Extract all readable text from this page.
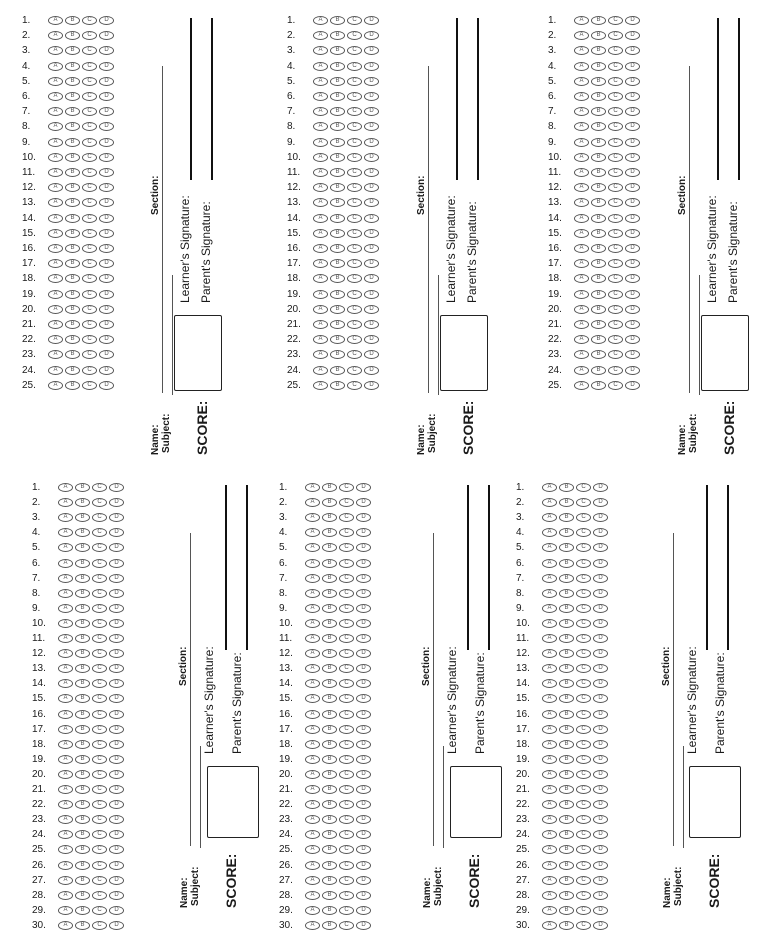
1.	A	B	C	D
2.	A	B	C	D
3.	A	B	C	D
4.	A	B	C	D
5.	A	B	C	D
6.	A	B	C	D
7.	A	B	C	D
8.	A	B	C	D
9.	A	B	C	D
10.	A	B	C	D
11.	A	B	C	D
12.	A	B	C	D
13.	A	B	C	D
14.	A	B	C	D
15.	A	B	C	D
16.	A	B	C	D
17.	A	B	C	D
18.	A	B	C	D
19.	A	B	C	D
20.	A	B	C	D
21.	A	B	C	D
22.	A	B	C	D
23.	A	B	C	D
24.	A	B	C	D
25.	A	B	C	D
Section:
Name: Subject:
Learner's Signature: Parent's Signature:
SCORE:
1.	A	B	C	D
2.	A	B	C	D
3.	A	B	C	D
4.	A	B	C	D
5.	A	B	C	D
6.	A	B	C	D
7.	A	B	C	D
8.	A	B	C	D
9.	A	B	C	D
10.	A	B	C	D
11.	A	B	C	D
12.	A	B	C	D
13.	A	B	C	D
14.	A	B	C	D
15.	A	B	C	D
16.	A	B	C	D
17.	A	B	C	D
18.	A	B	C	D
19.	A	B	C	D
20.	A	B	C	D
21.	A	B	C	D
22.	A	B	C	D
23.	A	B	C	D
24.	A	B	C	D
25.	A	B	C	D
Section:
Name: Subject:
Learner's Signature: Parent's Signature:
SCORE:
1.	A	B	C	D
2.	A	B	C	D
3.	A	B	C	D
4.	A	B	C	D
5.	A	B	C	D
6.	A	B	C	D
7.	A	B	C	D
8.	A	B	C	D
9.	A	B	C	D
10.	A	B	C	D
11.	A	B	C	D
12.	A	B	C	D
13.	A	B	C	D
14.	A	B	C	D
15.	A	B	C	D
16.	A	B	C	D
17.	A	B	C	D
18.	A	B	C	D
19.	A	B	C	D
20.	A	B	C	D
21.	A	B	C	D
22.	A	B	C	D
23.	A	B	C	D
24.	A	B	C	D
25.	A	B	C	D
Section:
Name: Subject:
Learner's Signature: Parent's Signature:
SCORE:
1.	A	B	C	D
2.	A	B	C	D
3.	A	B	C	D
4.	A	B	C	D
5.	A	B	C	D
6.	A	B	C	D
7.	A	B	C	D
8.	A	B	C	D
9.	A	B	C	D
10.	A	B	C	D
11.	A	B	C	D
12.	A	B	C	D
13.	A	B	C	D
14.	A	B	C	D
15.	A	B	C	D
16.	A	B	C	D
17.	A	B	C	D
18.	A	B	C	D
19.	A	B	C	D
20.	A	B	C	D
21.	A	B	C	D
22.	A	B	C	D
23.	A	B	C	D
24.	A	B	C	D
25.	A	B	C	D
26.	A	B	C	D
27.	A	B	C	D
28.	A	B	C	D
29.	A	B	C	D
30.	A	B	C	D
Section:
Name: Subject:
Learner's Signature: Parent's Signature:
SCORE:
1.	A	B	C	D
2.	A	B	C	D
3.	A	B	C	D
4.	A	B	C	D
5.	A	B	C	D
6.	A	B	C	D
7.	A	B	C	D
8.	A	B	C	D
9.	A	B	C	D
10.	A	B	C	D
11.	A	B	C	D
12.	A	B	C	D
13.	A	B	C	D
14.	A	B	C	D
15.	A	B	C	D
16.	A	B	C	D
17.	A	B	C	D
18.	A	B	C	D
19.	A	B	C	D
20.	A	B	C	D
21.	A	B	C	D
22.	A	B	C	D
23.	A	B	C	D
24.	A	B	C	D
25.	A	B	C	D
26.	A	B	C	D
27.	A	B	C	D
28.	A	B	C	D
29.	A	B	C	D
30.	A	B	C	D
Section:
Name: Subject:
Learner's Signature: Parent's Signature:
SCORE:
1.	A	B	C	D
2.	A	B	C	D
3.	A	B	C	D
4.	A	B	C	D
5.	A	B	C	D
6.	A	B	C	D
7.	A	B	C	D
8.	A	B	C	D
9.	A	B	C	D
10.	A	B	C	D
11.	A	B	C	D
12.	A	B	C	D
13.	A	B	C	D
14.	A	B	C	D
15.	A	B	C	D
16.	A	B	C	D
17.	A	B	C	D
18.	A	B	C	D
19.	A	B	C	D
20.	A	B	C	D
21.	A	B	C	D
22.	A	B	C	D
23.	A	B	C	D
24.	A	B	C	D
25.	A	B	C	D
26.	A	B	C	D
27.	A	B	C	D
28.	A	B	C	D
29.	A	B	C	D
30.	A	B	C	D
Section:
Name: Subject:
Learner's Signature: Parent's Signature:
SCORE:
